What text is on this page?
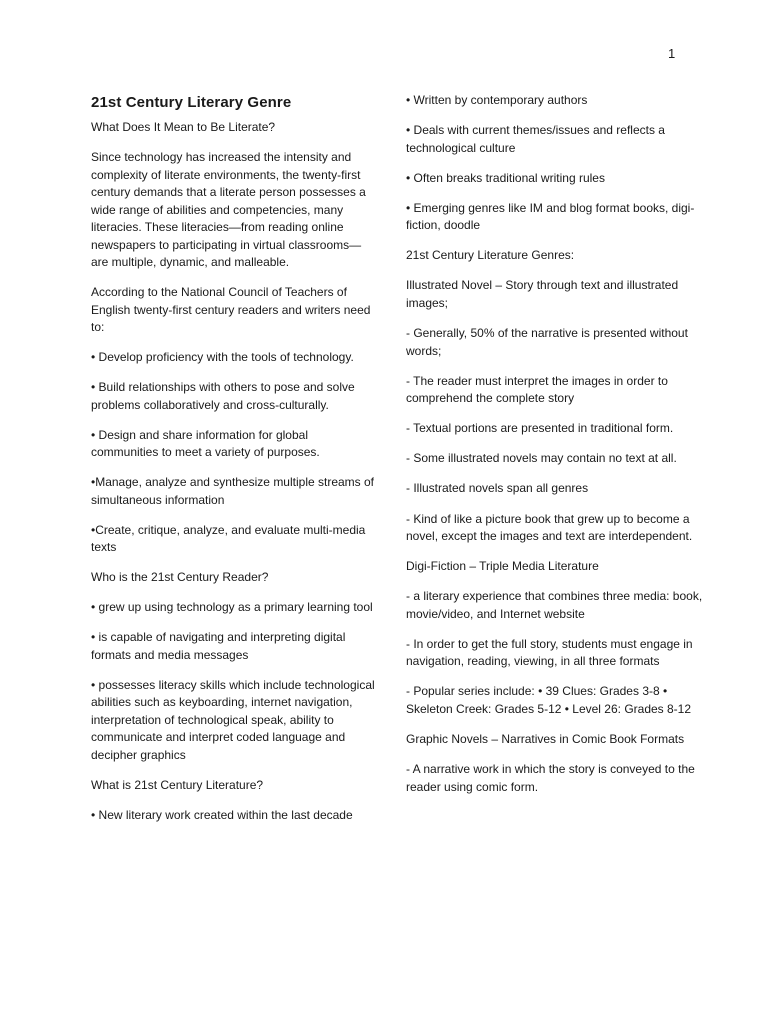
1
21st Century Literary Genre

What Does It Mean to Be Literate?

Since technology has increased the intensity and complexity of literate environments, the twenty-first century demands that a literate person possesses a wide range of abilities and competencies, many literacies. These literacies—from reading online newspapers to participating in virtual classrooms— are multiple, dynamic, and malleable.

According to the National Council of Teachers of English twenty-first century readers and writers need to:

• Develop proficiency with the tools of technology.

• Build relationships with others to pose and solve problems collaboratively and cross-culturally.

• Design and share information for global communities to meet a variety of purposes.

•Manage, analyze and synthesize multiple streams of simultaneous information

•Create, critique, analyze, and evaluate multi-media texts

Who is the 21st Century Reader?

• grew up using technology as a primary learning tool

• is capable of navigating and interpreting digital formats and media messages

• possesses literacy skills which include technological abilities such as keyboarding, internet navigation, interpretation of technological speak, ability to communicate and interpret coded language and decipher graphics

What is 21st Century Literature?

• New literary work created within the last decade

• Written by contemporary authors

• Deals with current themes/issues and reflects a technological culture

• Often breaks traditional writing rules

• Emerging genres like IM and blog format books, digi-fiction, doodle

21st Century Literature Genres:

Illustrated Novel – Story through text and illustrated images;

- Generally, 50% of the narrative is presented without words;

- The reader must interpret the images in order to comprehend the complete story

- Textual portions are presented in traditional form.

- Some illustrated novels may contain no text at all.

- Illustrated novels span all genres

- Kind of like a picture book that grew up to become a novel, except the images and text are interdependent.

Digi-Fiction – Triple Media Literature

- a literary experience that combines three media: book, movie/video, and Internet website

- In order to get the full story, students must engage in navigation, reading, viewing, in all three formats

- Popular series include: • 39 Clues: Grades 3-8 • Skeleton Creek: Grades 5-12 • Level 26: Grades 8-12

Graphic Novels – Narratives in Comic Book Formats

- A narrative work in which the story is conveyed to the reader using comic form.
